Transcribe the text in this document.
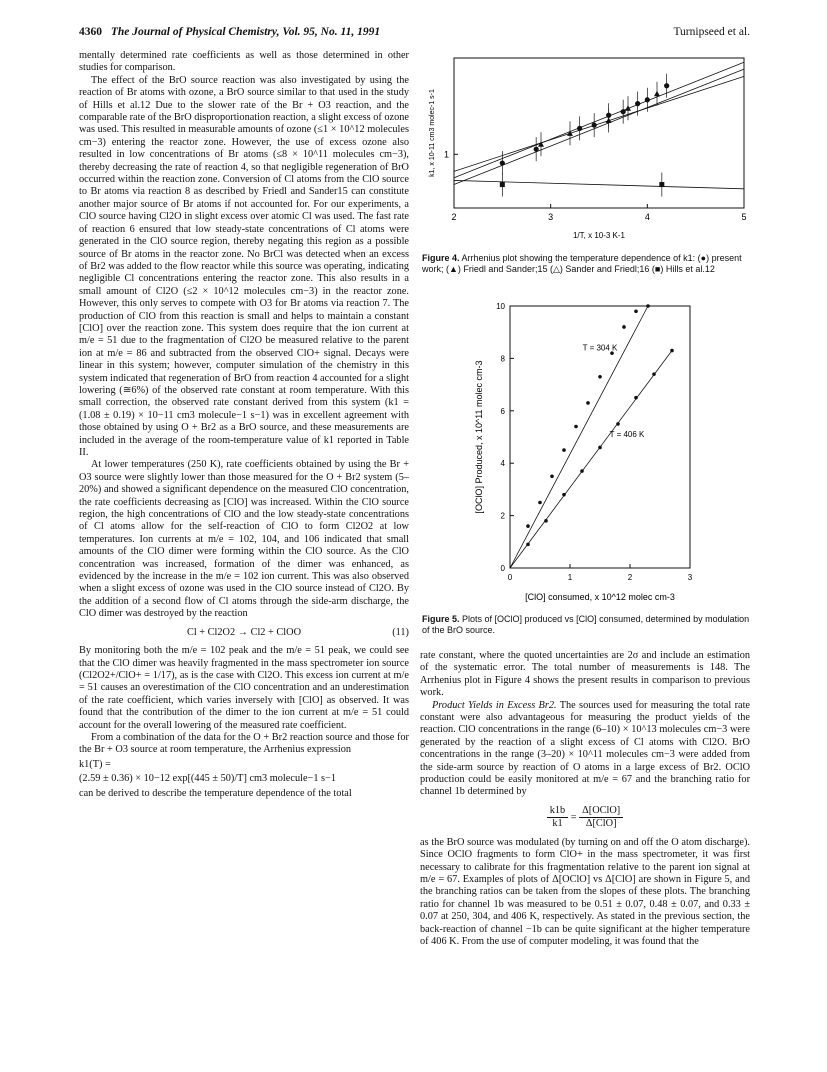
4360 The Journal of Physical Chemistry, Vol. 95, No. 11, 1991	Turnipseed et al.

mentally determined rate coefficients as well as those determined in other studies for comparison.

The effect of the BrO source reaction was also investigated by using the reaction of Br atoms with ozone, a BrO source similar to that used in the study of Hills et al.12 Due to the slower rate of the Br + O3 reaction, and the comparable rate of the BrO disproportionation reaction, a slight excess of ozone was used. This resulted in measurable amounts of ozone (≤1 × 10^12 molecules cm−3) entering the reactor zone. However, the use of excess ozone also resulted in low concentrations of Br atoms (≤8 × 10^11 molecules cm−3), thereby decreasing the rate of reaction 4, so that negligible regeneration of BrO occurred within the reaction zone. Conversion of Cl atoms from the ClO source to Br atoms via reaction 8 as described by Friedl and Sander15 can constitute another major source of Br atoms if not accounted for. For our experiments, a ClO source having Cl2O in slight excess over atomic Cl was used. The fast rate of reaction 6 ensured that low steady-state concentrations of Cl atoms were generated in the ClO source region, thereby negating this region as a possible source of Br atoms in the reactor zone. No BrCl was detected when an excess of Br2 was added to the flow reactor while this source was operating, indicating negligible Cl concentrations entering the reactor zone. This also results in a small amount of Cl2O (≤2 × 10^12 molecules cm−3) in the reactor zone. However, this only serves to compete with O3 for Br atoms via reaction 7. The production of ClO from this reaction is small and helps to maintain a constant [ClO] over the reaction zone. This system does require that the ion current at m/e = 51 due to the fragmentation of Cl2O be measured relative to the parent ion at m/e = 86 and subtracted from the observed ClO+ signal. Decays were linear in this system; however, computer simulation of the chemistry in this system indicated that regeneration of BrO from reaction 4 accounted for a slight lowering (≅6%) of the observed rate constant at room temperature. With this small correction, the observed rate constant derived from this system (k1 = (1.08 ± 0.19) × 10−11 cm3 molecule−1 s−1) was in excellent agreement with those obtained by using O + Br2 as a BrO source, and these measurements are included in the average of the room-temperature value of k1 reported in Table II.

At lower temperatures (250 K), rate coefficients obtained by using the Br + O3 source were slightly lower than those measured for the O + Br2 system (5–20%) and showed a significant dependence on the measured ClO concentration, the rate coefficients decreasing as [ClO] was increased. Within the ClO source region, the high concentrations of ClO and the low steady-state concentrations of Cl atoms allow for the self-reaction of ClO to form Cl2O2 at low temperatures. Ion currents at m/e = 102, 104, and 106 indicated that small amounts of the ClO dimer were forming within the ClO source. As the ClO concentration was increased, formation of the dimer was enhanced, as evidenced by the increase in the m/e = 102 ion current. This was also observed when a slight excess of ozone was used in the ClO source instead of Cl2O. By the addition of a second flow of Cl atoms through the side-arm discharge, the ClO dimer was destroyed by the reaction

Cl + Cl2O2 → Cl2 + ClOO	(11)

By monitoring both the m/e = 102 peak and the m/e = 51 peak, we could see that the ClO dimer was heavily fragmented in the mass spectrometer ion source (Cl2O2+/ClO+ = 1/17), as is the case with Cl2O. This excess ion current at m/e = 51 causes an overestimation of the ClO concentration and an underestimation of the rate coefficient, which varies inversely with [ClO] as observed. It was found that the contribution of the dimer to the ion current at m/e = 51 could account for the overall lowering of the measured rate coefficient.

From a combination of the data for the O + Br2 reaction source and those for the Br + O3 source at room temperature, the Arrhenius expression

k1(T) =
(2.59 ± 0.36) × 10−12 exp[(445 ± 50)/T] cm3 molecule−1 s−1

can be derived to describe the temperature dependence of the total

2	3	4	5
1
1/T, x 10-3 K-1
k1, x 10-11 cm3 molec-1 s-1
Figure 4. Arrhenius plot showing the temperature dependence of k1: (●) present work; (▲) Friedl and Sander;15 (△) Sander and Friedl;16 (■) Hills et al.12
0	1	2	3
0
2
4
6
8
10
[ClO] consumed, x 10^12 molec cm-3
[OClO] Produced, x 10^11 molec cm-3
T = 304 K
T = 406 K
Figure 5. Plots of [OClO] produced vs [ClO] consumed, determined by modulation of the BrO source.

rate constant, where the quoted uncertainties are 2σ and include an estimation of the systematic error. The total number of measurements is 148. The Arrhenius plot in Figure 4 shows the present results in comparison to previous work.

Product Yields in Excess Br2. The sources used for measuring the total rate constant were also advantageous for measuring the product yields of the reaction. ClO concentrations in the range (6–10) × 10^13 molecules cm−3 were generated by the reaction of a slight excess of Cl atoms with Cl2O. BrO concentrations in the range (3–20) × 10^11 molecules cm−3 were added from the side-arm source by reaction of O atoms in a large excess of Br2. OClO production could be easily monitored at m/e = 67 and the branching ratio for channel 1b determined by

$\frac{k1b}{k1} = \frac{\text{Δ[OClO]}}{\text{Δ[ClO]}}$

as the BrO source was modulated (by turning on and off the O atom discharge). Since OClO fragments to form ClO+ in the mass spectrometer, it was first necessary to calibrate for this fragmentation relative to the parent ion signal at m/e = 67. Examples of plots of Δ[OClO] vs Δ[ClO] are shown in Figure 5, and the branching ratios can be taken from the slopes of these plots. The branching ratio for channel 1b was measured to be 0.51 ± 0.07, 0.48 ± 0.07, and 0.33 ± 0.07 at 250, 304, and 406 K, respectively. As stated in the previous section, the back-reaction of channel −1b can be quite significant at the higher temperature of 406 K. From the use of computer modeling, it was found that the
